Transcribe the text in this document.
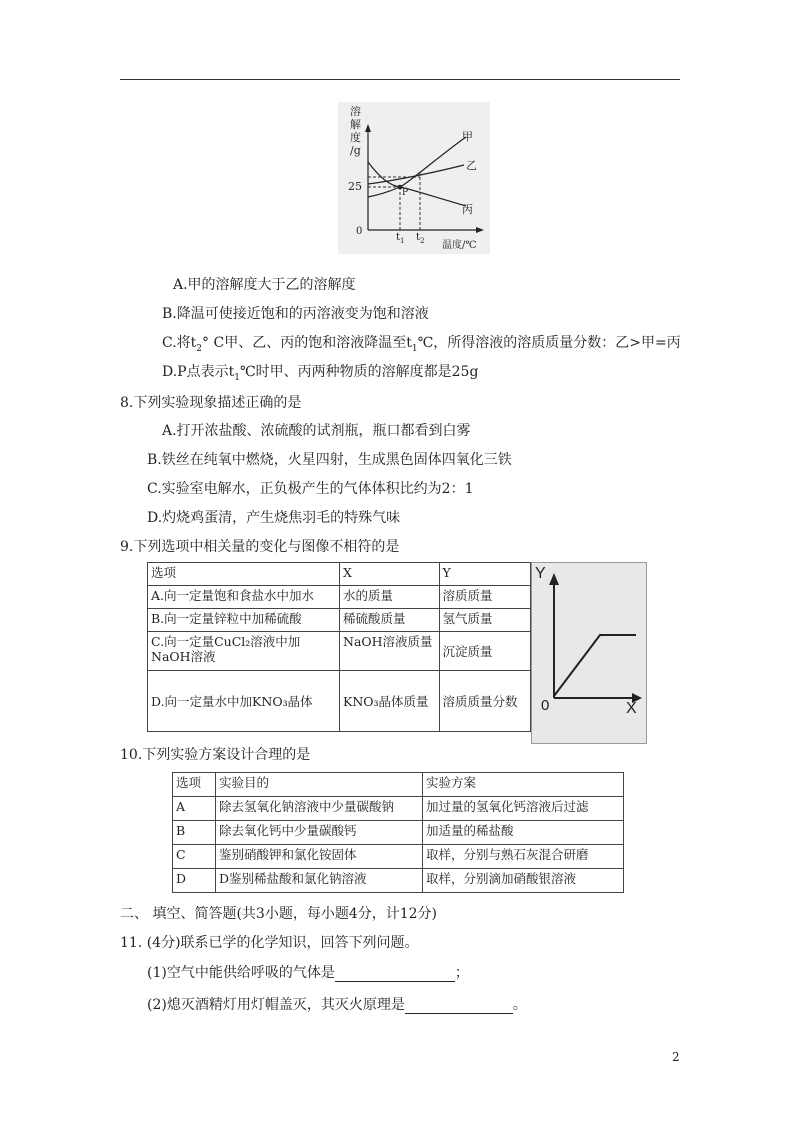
溶
解
度
/g
25
0
$t_1$ $t_2$ 温度/℃
P
甲
乙
丙
A.甲的溶解度大于乙的溶解度
B.降温可使接近饱和的丙溶液变为饱和溶液
C.将$t_2^\circ$ C甲、乙、丙的饱和溶液降温至$t_1℃$，所得溶液的溶质质量分数：乙>甲=丙
D.P点表示$t_1℃$时甲、丙两种物质的溶解度都是25g
8.下列实验现象描述正确的是
A.打开浓盐酸、浓硫酸的试剂瓶，瓶口都看到白雾
B.铁丝在纯氧中燃烧，火星四射，生成黑色固体四氧化三铁
C.实验室电解水，正负极产生的气体体积比约为2：1
D.灼烧鸡蛋清，产生烧焦羽毛的特殊气味
9.下列选项中相关量的变化与图像不相符的是
选项	X	Y
A.向一定量饱和食盐水中加水	水的质量	溶质质量
B.向一定量锌粒中加稀硫酸	稀硫酸质量	氢气质量
C.向一定量CuCl₂溶液中加NaOH溶液	NaOH溶液质量	沉淀质量
D.向一定量水中加KNO₃晶体	KNO₃晶体质量	溶质质量分数
Y
X
0
10.下列实验方案设计合理的是
选项	实验目的	实验方案
A	除去氢氧化钠溶液中少量碳酸钠	加过量的氢氧化钙溶液后过滤
B	除去氧化钙中少量碳酸钙	加适量的稀盐酸
C	鉴别硝酸钾和氯化铵固体	取样，分别与熟石灰混合研磨
D	D鉴别稀盐酸和氯化钠溶液	取样，分别滴加硝酸银溶液
二、 填空、简答题(共3小题，每小题4分，计12分)
11. (4分)联系已学的化学知识，回答下列问题。
(1)空气中能供给呼吸的气体是	；
(2)熄灭酒精灯用灯帽盖灭，其灭火原理是	。
2
